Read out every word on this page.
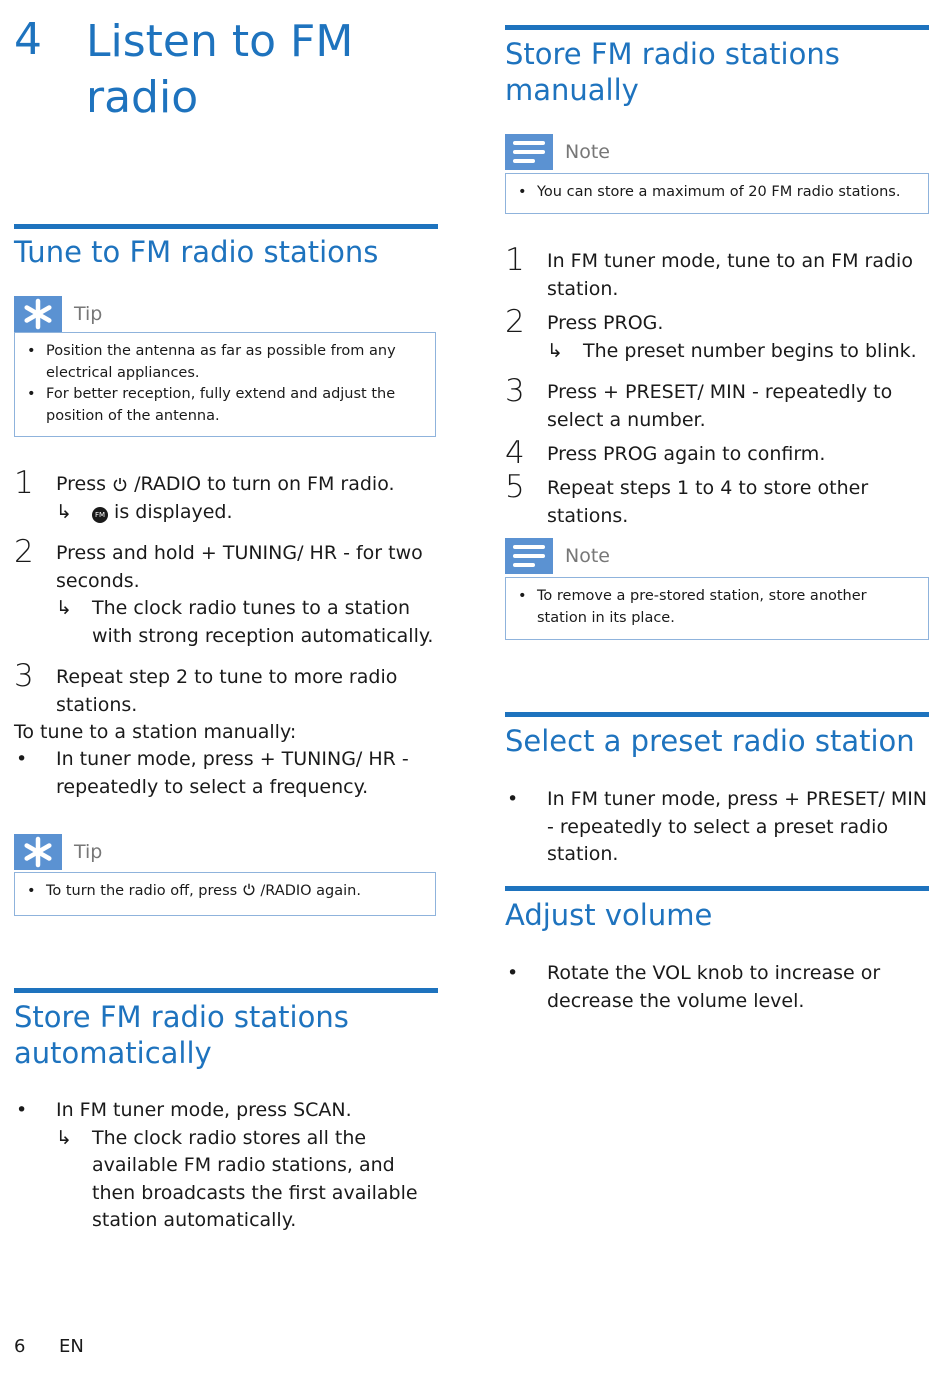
4 Listen to FM radio
Tune to FM radio stations
Tip
• Position the antenna as far as possible from any electrical appliances.
• For better reception, fully extend and adjust the position of the antenna.
1 Press  /RADIO to turn on FM radio.
↳	FM is displayed.
2 Press and hold + TUNING/ HR - for two seconds.
↳ The clock radio tunes to a station with strong reception automatically.
3 Repeat step 2 to tune to more radio stations.
To tune to a station manually:
• In tuner mode, press + TUNING/ HR - repeatedly to select a frequency.
Tip
• To turn the radio off, press  /RADIO again.
Store FM radio stations automatically
• In FM tuner mode, press SCAN.
↳ The clock radio stores all the available FM radio stations, and then broadcasts the first available station automatically.
Store FM radio stations manually
Note
• You can store a maximum of 20 FM radio stations.
1 In FM tuner mode, tune to an FM radio station.
2 Press PROG.
↳ The preset number begins to blink.
3 Press + PRESET/ MIN - repeatedly to select a number.
4 Press PROG again to confirm.
5 Repeat steps 1 to 4 to store other stations.
Note
• To remove a pre-stored station, store another station in its place.
Select a preset radio station
• In FM tuner mode, press + PRESET/ MIN - repeatedly to select a preset radio station.
Adjust volume
• Rotate the VOL knob to increase or decrease the volume level.
6 EN
